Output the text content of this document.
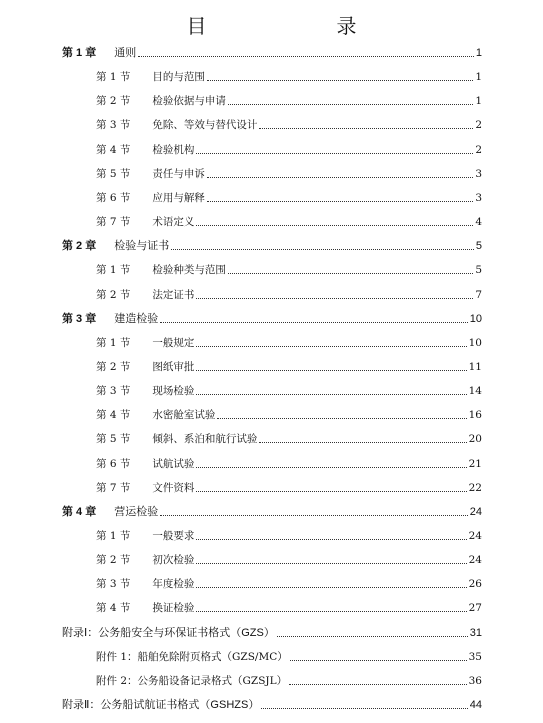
目　　录
第 1 章 通则	1
第 1 节 目的与范围	1
第 2 节 检验依据与申请	1
第 3 节 免除、等效与替代设计	2
第 4 节 检验机构	2
第 5 节 责任与申诉	3
第 6 节 应用与解释	3
第 7 节 术语定义	4
第 2 章 检验与证书	5
第 1 节 检验种类与范围	5
第 2 节 法定证书	7
第 3 章 建造检验	10
第 1 节 一般规定	10
第 2 节 图纸审批	11
第 3 节 现场检验	14
第 4 节 水密舱室试验	16
第 5 节 倾斜、系泊和航行试验	20
第 6 节 试航试验	21
第 7 节 文件资料	22
第 4 章 营运检验	24
第 1 节 一般要求	24
第 2 节 初次检验	24
第 3 节 年度检验	26
第 4 节 换证检验	27
附录Ⅰ： 公务船安全与环保证书格式（GZS）	31
附件 1： 船舶免除附页格式（GZS/MC）	35
附件 2： 公务船设备记录格式（GZSJL）	36
附录Ⅱ： 公务船试航证书格式（GSHZS）	44
